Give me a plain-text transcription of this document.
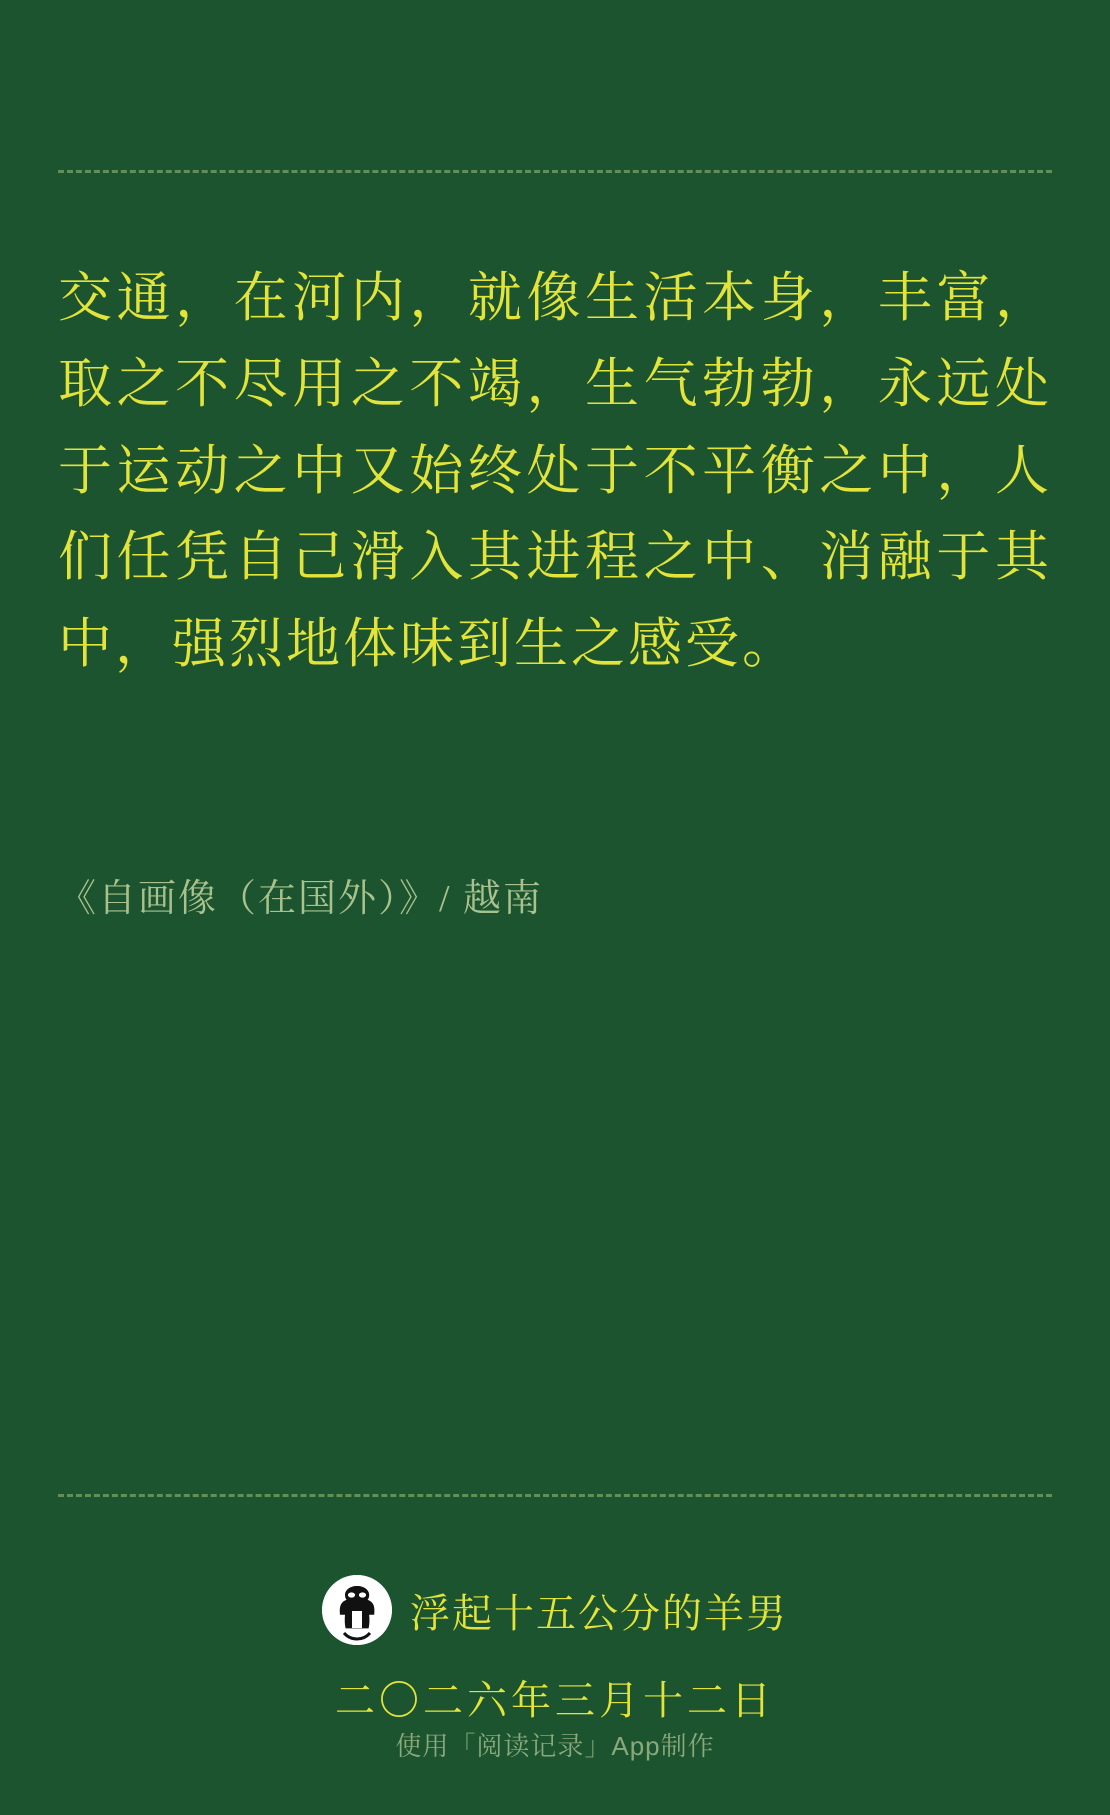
交通，在河内，就像生活本身，丰富，取之不尽用之不竭，生气勃勃，永远处于运动之中又始终处于不平衡之中，人们任凭自己滑入其进程之中、消融于其中，强烈地体味到生之感受。
《自画像（在国外）》/ 越南
浮起十五公分的羊男
二〇二六年三月十二日
使用「阅读记录」App制作
